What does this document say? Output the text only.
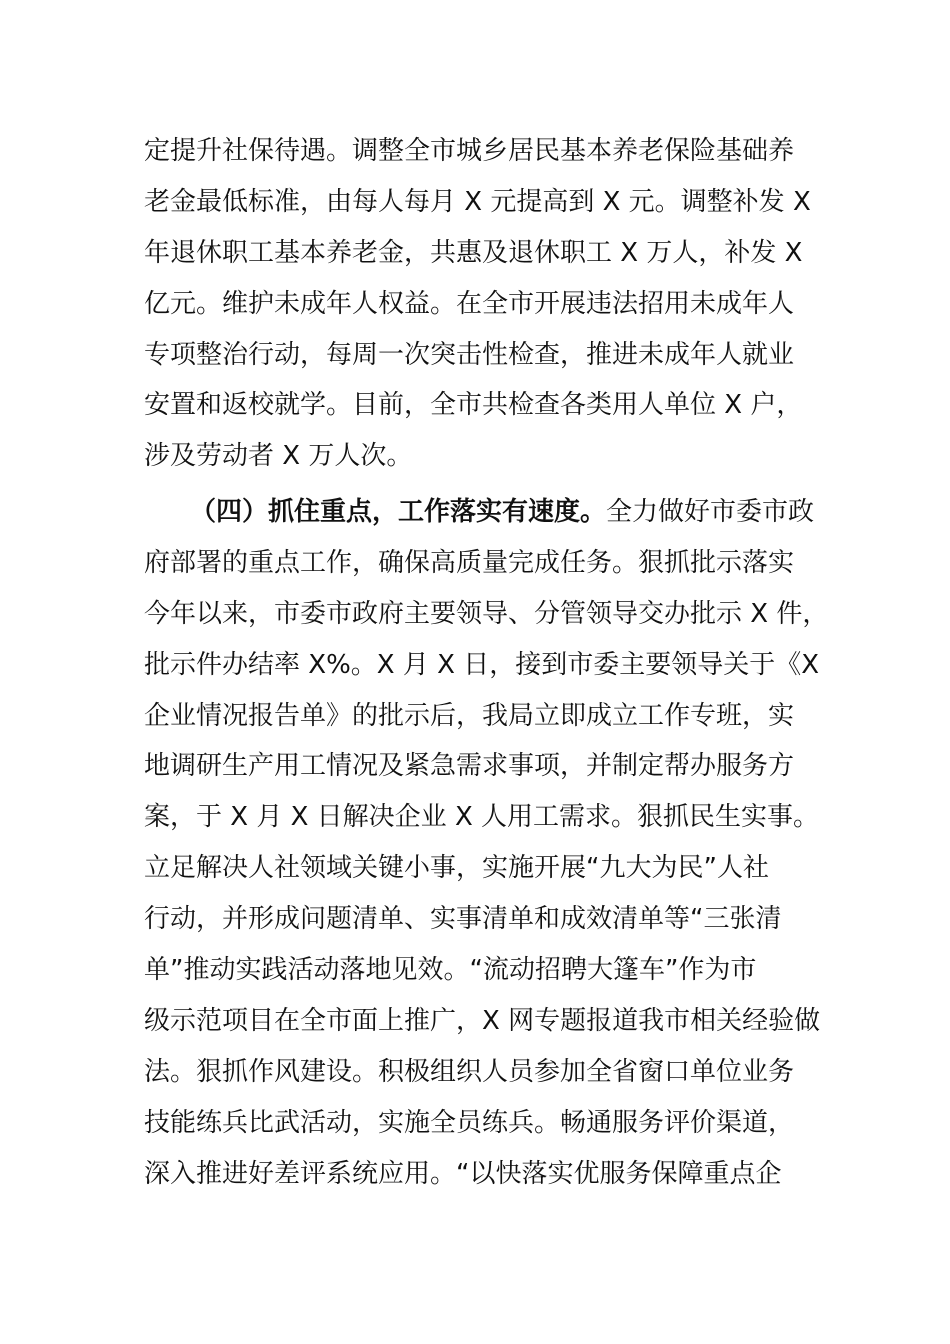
定提升社保待遇。调整全市城乡居民基本养老保险基础养
老金最低标准，由每人每月 X 元提高到 X 元。调整补发 X
年退休职工基本养老金，共惠及退休职工 X 万人，补发 X
亿元。维护未成年人权益。在全市开展违法招用未成年人
专项整治行动，每周一次突击性检查，推进未成年人就业
安置和返校就学。目前，全市共检查各类用人单位 X 户，
涉及劳动者 X 万人次。
（四）抓住重点，工作落实有速度。全力做好市委市政
府部署的重点工作，确保高质量完成任务。狠抓批示落实
今年以来，市委市政府主要领导、分管领导交办批示 X 件，
批示件办结率 X%。X 月 X 日，接到市委主要领导关于《X
企业情况报告单》的批示后，我局立即成立工作专班，实
地调研生产用工情况及紧急需求事项，并制定帮办服务方
案，于 X 月 X 日解决企业 X 人用工需求。狠抓民生实事。
立足解决人社领域关键小事，实施开展“九大为民”人社
行动，并形成问题清单、实事清单和成效清单等“三张清
单”推动实践活动落地见效。“流动招聘大篷车”作为市
级示范项目在全市面上推广，X 网专题报道我市相关经验做
法。狠抓作风建设。积极组织人员参加全省窗口单位业务
技能练兵比武活动，实施全员练兵。畅通服务评价渠道，
深入推进好差评系统应用。“以快落实优服务保障重点企
